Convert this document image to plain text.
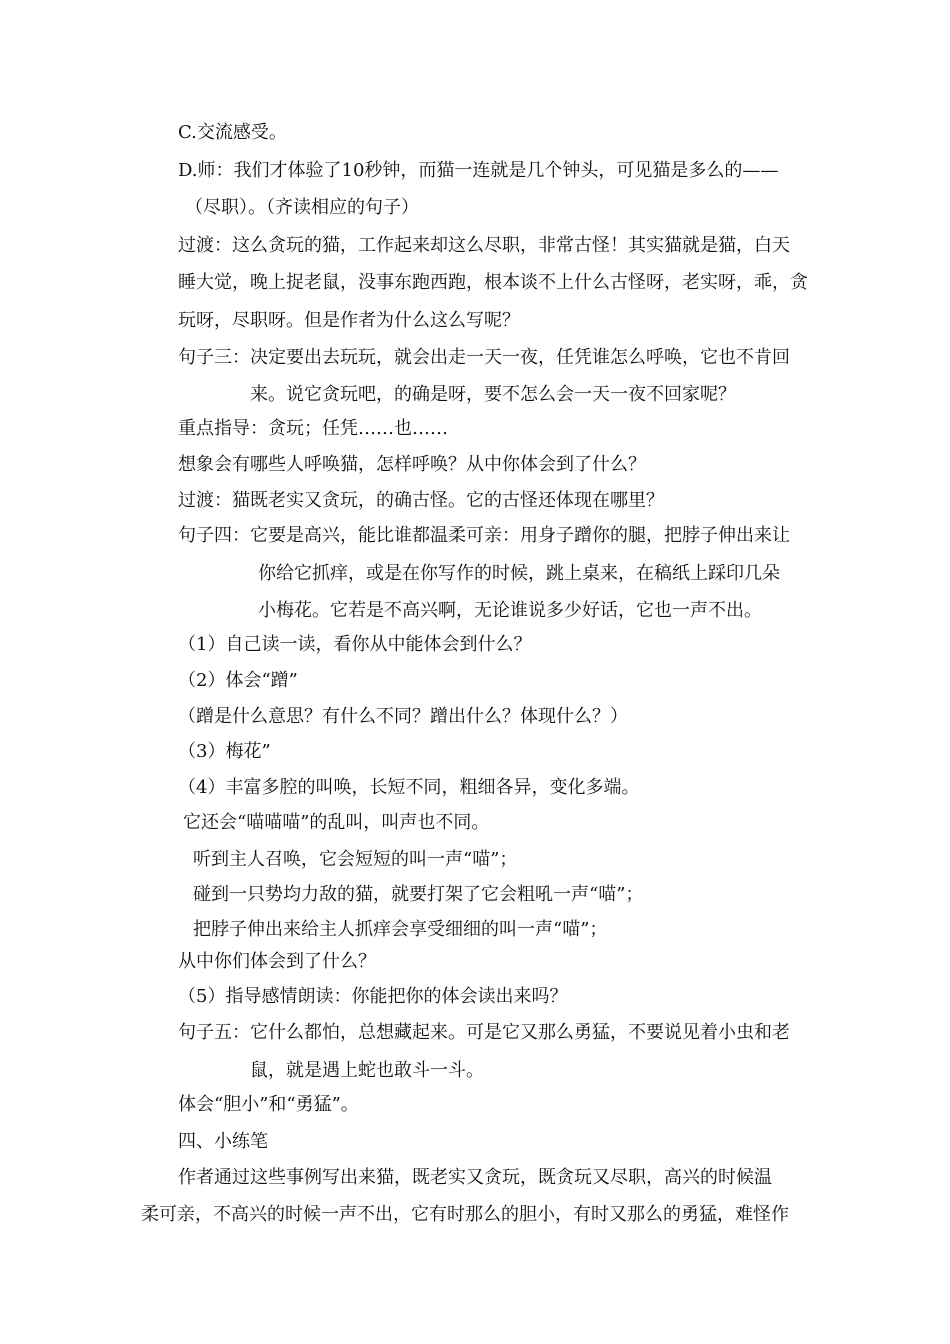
C.交流感受。
D.师：我们才体验了10秒钟，而猫一连就是几个钟头，可见猫是多么的——
（尽职）。（齐读相应的句子）
过渡：这么贪玩的猫，工作起来却这么尽职，非常古怪！其实猫就是猫，白天
睡大觉，晚上捉老鼠，没事东跑西跑，根本谈不上什么古怪呀，老实呀，乖，贪
玩呀，尽职呀。但是作者为什么这么写呢？
句子三：决定要出去玩玩，就会出走一天一夜，任凭谁怎么呼唤，它也不肯回
来。说它贪玩吧，的确是呀，要不怎么会一天一夜不回家呢？
重点指导：贪玩；任凭……也……
想象会有哪些人呼唤猫，怎样呼唤？从中你体会到了什么？
过渡：猫既老实又贪玩，的确古怪。它的古怪还体现在哪里？
句子四：它要是高兴，能比谁都温柔可亲：用身子蹭你的腿，把脖子伸出来让
你给它抓痒，或是在你写作的时候，跳上桌来，在稿纸上踩印几朵
小梅花。它若是不高兴啊，无论谁说多少好话，它也一声不出。
（1）自己读一读，看你从中能体会到什么？
（2）体会“蹭”
（蹭是什么意思？有什么不同？蹭出什么？体现什么？）
（3）梅花”
（4）丰富多腔的叫唤，长短不同，粗细各异，变化多端。
它还会“喵喵喵”的乱叫，叫声也不同。
听到主人召唤，它会短短的叫一声“喵”；
碰到一只势均力敌的猫，就要打架了它会粗吼一声“喵”；
把脖子伸出来给主人抓痒会享受细细的叫一声“喵”；
从中你们体会到了什么？
（5）指导感情朗读：你能把你的体会读出来吗？
句子五：它什么都怕，总想藏起来。可是它又那么勇猛，不要说见着小虫和老
鼠，就是遇上蛇也敢斗一斗。
体会“胆小”和“勇猛”。
四、小练笔
作者通过这些事例写出来猫，既老实又贪玩，既贪玩又尽职，高兴的时候温
柔可亲，不高兴的时候一声不出，它有时那么的胆小，有时又那么的勇猛，难怪作
